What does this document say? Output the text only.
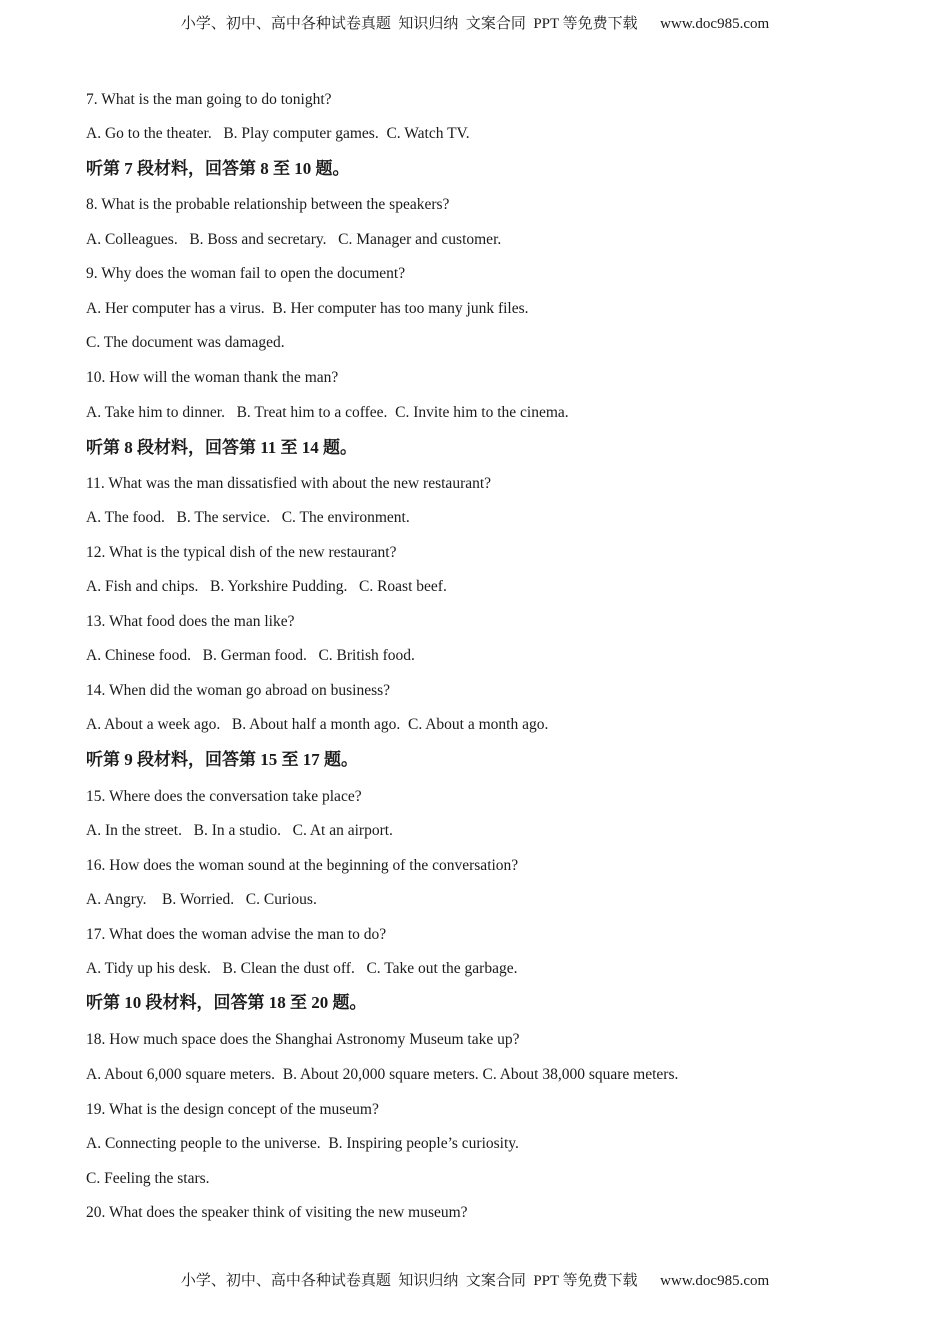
小学、初中、高中各种试卷真题  知识归纳  文案合同  PPT 等免费下载      www.doc985.com
7. What is the man going to do tonight?
A. Go to the theater.   B. Play computer games.  C. Watch TV.
听第 7 段材料，回答第 8 至 10 题。
8. What is the probable relationship between the speakers?
A. Colleagues.   B. Boss and secretary.   C. Manager and customer.
9. Why does the woman fail to open the document?
A. Her computer has a virus.  B. Her computer has too many junk files.
C. The document was damaged.
10. How will the woman thank the man?
A. Take him to dinner.   B. Treat him to a coffee.  C. Invite him to the cinema.
听第 8 段材料，回答第 11 至 14 题。
11. What was the man dissatisfied with about the new restaurant?
A. The food.   B. The service.   C. The environment.
12. What is the typical dish of the new restaurant?
A. Fish and chips.   B. Yorkshire Pudding.   C. Roast beef.
13. What food does the man like?
A. Chinese food.   B. German food.   C. British food.
14. When did the woman go abroad on business?
A. About a week ago.   B. About half a month ago.  C. About a month ago.
听第 9 段材料，回答第 15 至 17 题。
15. Where does the conversation take place?
A. In the street.   B. In a studio.   C. At an airport.
16. How does the woman sound at the beginning of the conversation?
A. Angry.    B. Worried.   C. Curious.
17. What does the woman advise the man to do?
A. Tidy up his desk.   B. Clean the dust off.   C. Take out the garbage.
听第 10 段材料，回答第 18 至 20 题。
18. How much space does the Shanghai Astronomy Museum take up?
A. About 6,000 square meters.  B. About 20,000 square meters. C. About 38,000 square meters.
19. What is the design concept of the museum?
A. Connecting people to the universe.  B. Inspiring people’s curiosity.
C. Feeling the stars.
20. What does the speaker think of visiting the new museum?
小学、初中、高中各种试卷真题  知识归纳  文案合同  PPT 等免费下载      www.doc985.com
